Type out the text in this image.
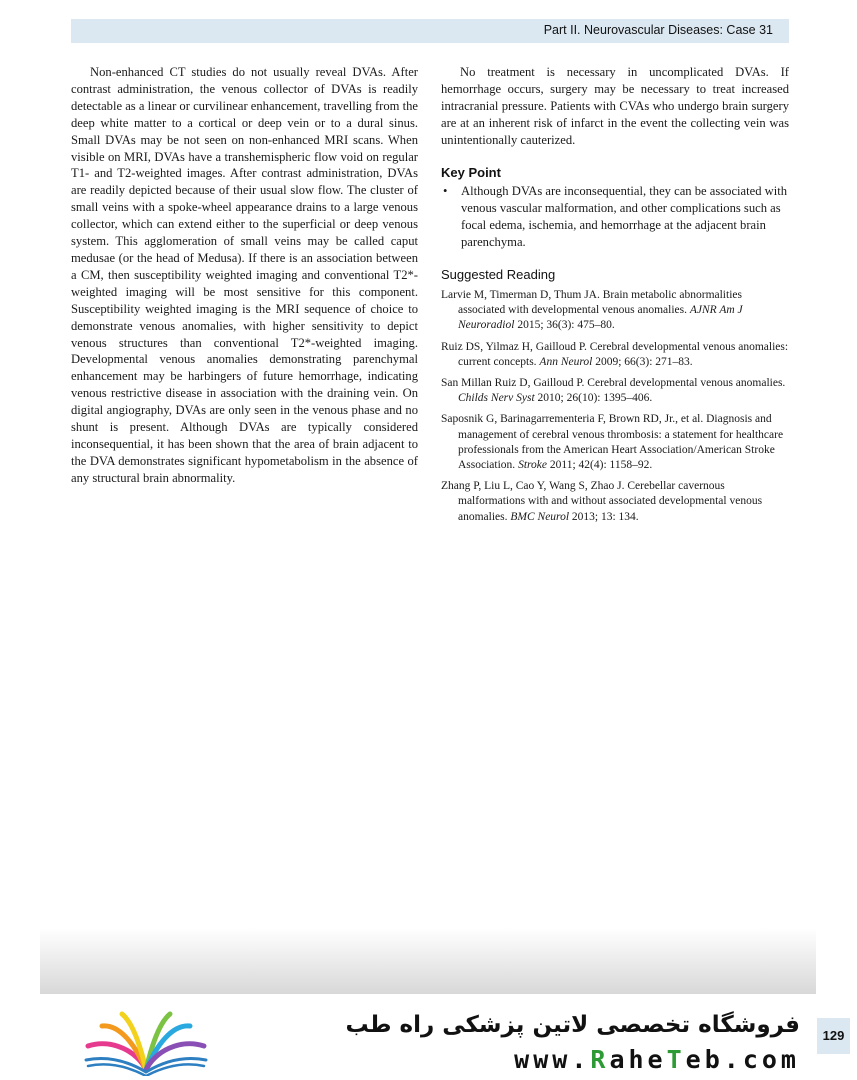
Part II. Neurovascular Diseases: Case 31

Non-enhanced CT studies do not usually reveal DVAs. After contrast administration, the venous collector of DVAs is readily detectable as a linear or curvilinear enhancement, travelling from the deep white matter to a cortical or deep vein or to a dural sinus. Small DVAs may be not seen on non-enhanced MRI scans. When visible on MRI, DVAs have a transhemispheric flow void on regular T1- and T2-weighted images. After contrast administration, DVAs are readily depicted because of their usual slow flow. The cluster of small veins with a spoke-wheel appearance drains to a large venous collector, which can extend either to the superficial or deep venous system. This agglomeration of small veins may be called caput medusae (or the head of Medusa). If there is an association between a CM, then susceptibility weighted imaging and conventional T2*-weighted imaging will be most sensitive for this component. Susceptibility weighted imaging is the MRI sequence of choice to demonstrate venous anomalies, with higher sensitivity to depict venous structures than conventional T2*-weighted imaging. Developmental venous anomalies demonstrating parenchymal enhancement may be harbingers of future hemorrhage, indicating venous restrictive disease in association with the draining vein. On digital angiography, DVAs are only seen in the venous phase and no shunt is present. Although DVAs are typically considered inconsequential, it has been shown that the area of brain adjacent to the DVA demonstrates significant hypometabolism in the absence of any structural brain abnormality.

No treatment is necessary in uncomplicated DVAs. If hemorrhage occurs, surgery may be necessary to treat increased intracranial pressure. Patients with CVAs who undergo brain surgery are at an inherent risk of infarct in the event the collecting vein was unintentionally cauterized.

Key Point
• Although DVAs are inconsequential, they can be associated with venous vascular malformation, and other complications such as focal edema, ischemia, and hemorrhage at the adjacent brain parenchyma.
Suggested Reading

Larvie M, Timerman D, Thum JA. Brain metabolic abnormalities associated with developmental venous anomalies. AJNR Am J Neuroradiol 2015; 36(3): 475–80.

Ruiz DS, Yilmaz H, Gailloud P. Cerebral developmental venous anomalies: current concepts. Ann Neurol 2009; 66(3): 271–83.

San Millan Ruiz D, Gailloud P. Cerebral developmental venous anomalies. Childs Nerv Syst 2010; 26(10): 1395–406.

Saposnik G, Barinagarrementeria F, Brown RD, Jr., et al. Diagnosis and management of cerebral venous thrombosis: a statement for healthcare professionals from the American Heart Association/American Stroke Association. Stroke 2011; 42(4): 1158–92.

Zhang P, Liu L, Cao Y, Wang S, Zhao J. Cerebellar cavernous malformations with and without associated developmental venous anomalies. BMC Neurol 2013; 13: 134.

129
فروشگاه تخصصی لاتین پزشکی راه طب
www.RaheTeb.com
